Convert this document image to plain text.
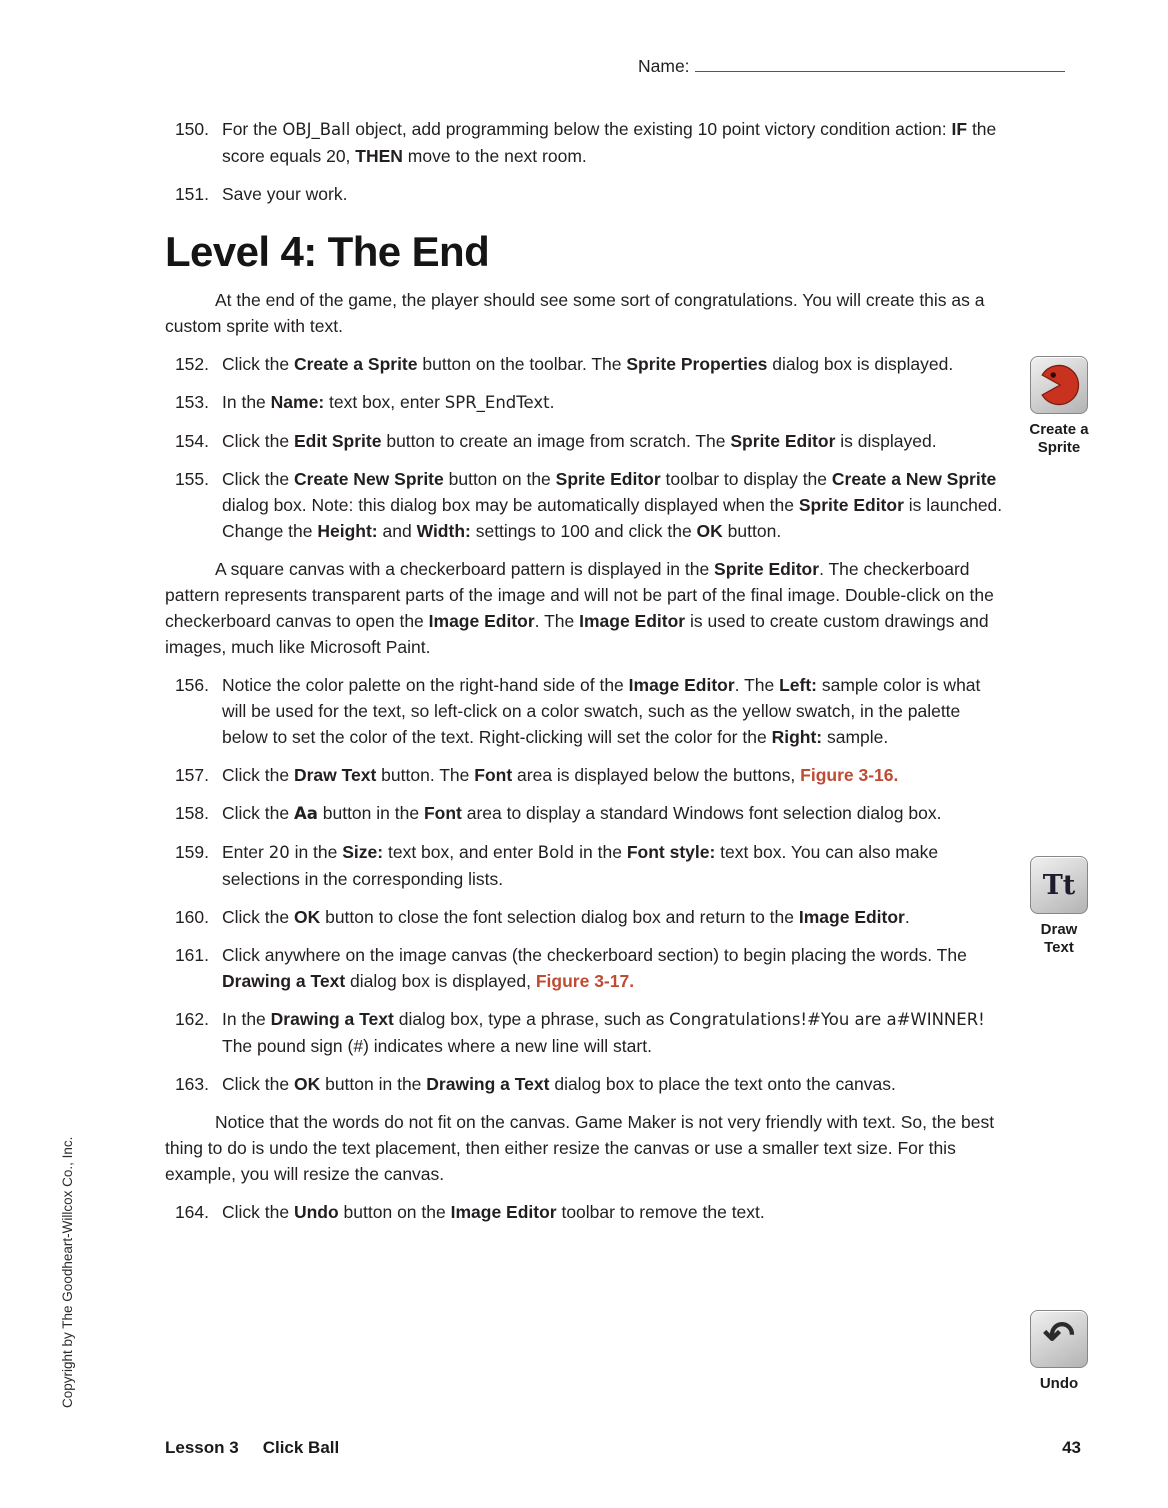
Name:
150. For the OBJ_Ball object, add programming below the existing 10 point victory condition action: IF the score equals 20, THEN move to the next room.
151. Save your work.
Level 4: The End

At the end of the game, the player should see some sort of congratulations. You will create this as a custom sprite with text.

152. Click the Create a Sprite button on the toolbar. The Sprite Properties dialog box is displayed.
153. In the Name: text box, enter SPR_EndText.
154. Click the Edit Sprite button to create an image from scratch. The Sprite Editor is displayed.
155. Click the Create New Sprite button on the Sprite Editor toolbar to display the Create a New Sprite dialog box. Note: this dialog box may be automatically displayed when the Sprite Editor is launched. Change the Height: and Width: settings to 100 and click the OK button.

A square canvas with a checkerboard pattern is displayed in the Sprite Editor. The checkerboard pattern represents transparent parts of the image and will not be part of the final image. Double-click on the checkerboard canvas to open the Image Editor. The Image Editor is used to create custom drawings and images, much like Microsoft Paint.

156. Notice the color palette on the right-hand side of the Image Editor. The Left: sample color is what will be used for the text, so left-click on a color swatch, such as the yellow swatch, in the palette below to set the color of the text. Right-clicking will set the color for the Right: sample.
157. Click the Draw Text button. The Font area is displayed below the buttons, Figure 3-16.
158. Click the Aa button in the Font area to display a standard Windows font selection dialog box.
159. Enter 20 in the Size: text box, and enter Bold in the Font style: text box. You can also make selections in the corresponding lists.
160. Click the OK button to close the font selection dialog box and return to the Image Editor.
161. Click anywhere on the image canvas (the checkerboard section) to begin placing the words. The Drawing a Text dialog box is displayed, Figure 3-17.
162. In the Drawing a Text dialog box, type a phrase, such as Congratulations!#You are a#WINNER! The pound sign (#) indicates where a new line will start.
163. Click the OK button in the Drawing a Text dialog box to place the text onto the canvas.

Notice that the words do not fit on the canvas. Game Maker is not very friendly with text. So, the best thing to do is undo the text placement, then either resize the canvas or use a smaller text size. For this example, you will resize the canvas.

164. Click the Undo button on the Image Editor toolbar to remove the text.
Create a
Sprite
Tt
Draw
Text
↶
Undo
Copyright by The Goodheart-Willcox Co., Inc.
Lesson 3 Click Ball	43
